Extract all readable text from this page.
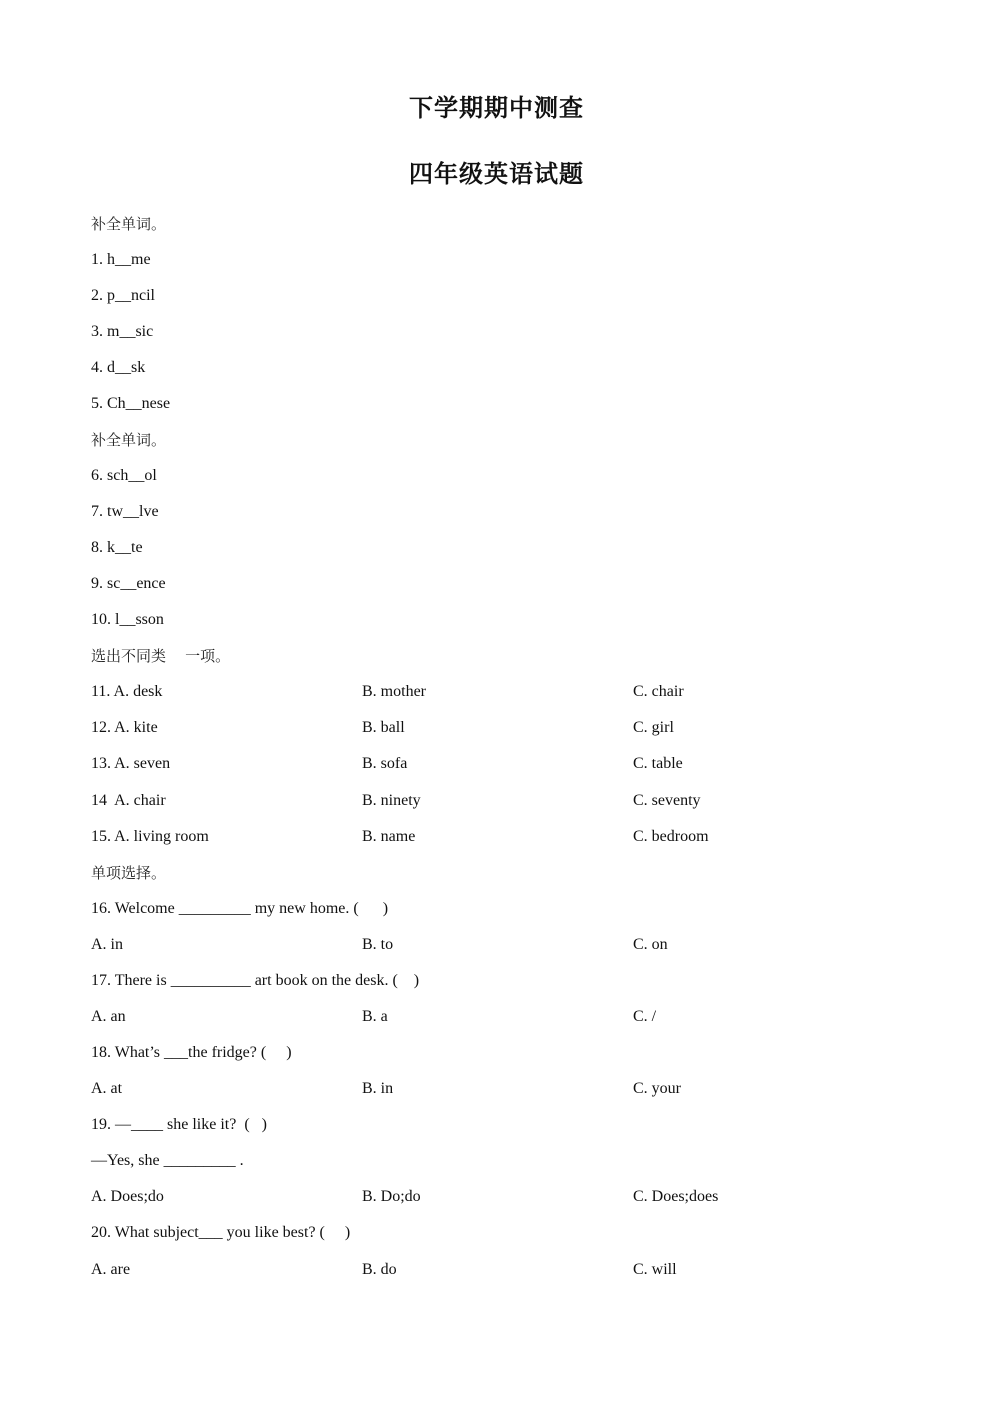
下学期期中测查
四年级英语试题
补全单词。
1. h__me
2. p__ncil
3. m__sic
4. d__sk
5. Ch__nese
补全单词。
6. sch__ol
7. tw__lve
8. k__te
9. sc__ence
10. l__sson
选出不同类    一项。

11. A. desk

	B. mother

	C. chair

12. A. kite

	B. ball

	C. girl

13. A. seven

	B. sofa

	C. table

14  A. chair

	B. ninety

	C. seventy

15. A. living room

	B. name

	C. bedroom

单项选择。
16. Welcome _________ my new home. (      )

A. in

	B. to

	C. on

17. There is __________ art book on the desk. (    )

A. an

	B. a

	C. /

18. What’s ___the fridge? (     )

A. at

	B. in

	C. your

19. —____ she like it?  (   )
—Yes, she _________ .

A. Does;do

	B. Do;do

	C. Does;does

20. What subject___ you like best? (     )

A. are

	B. do

	C. will
